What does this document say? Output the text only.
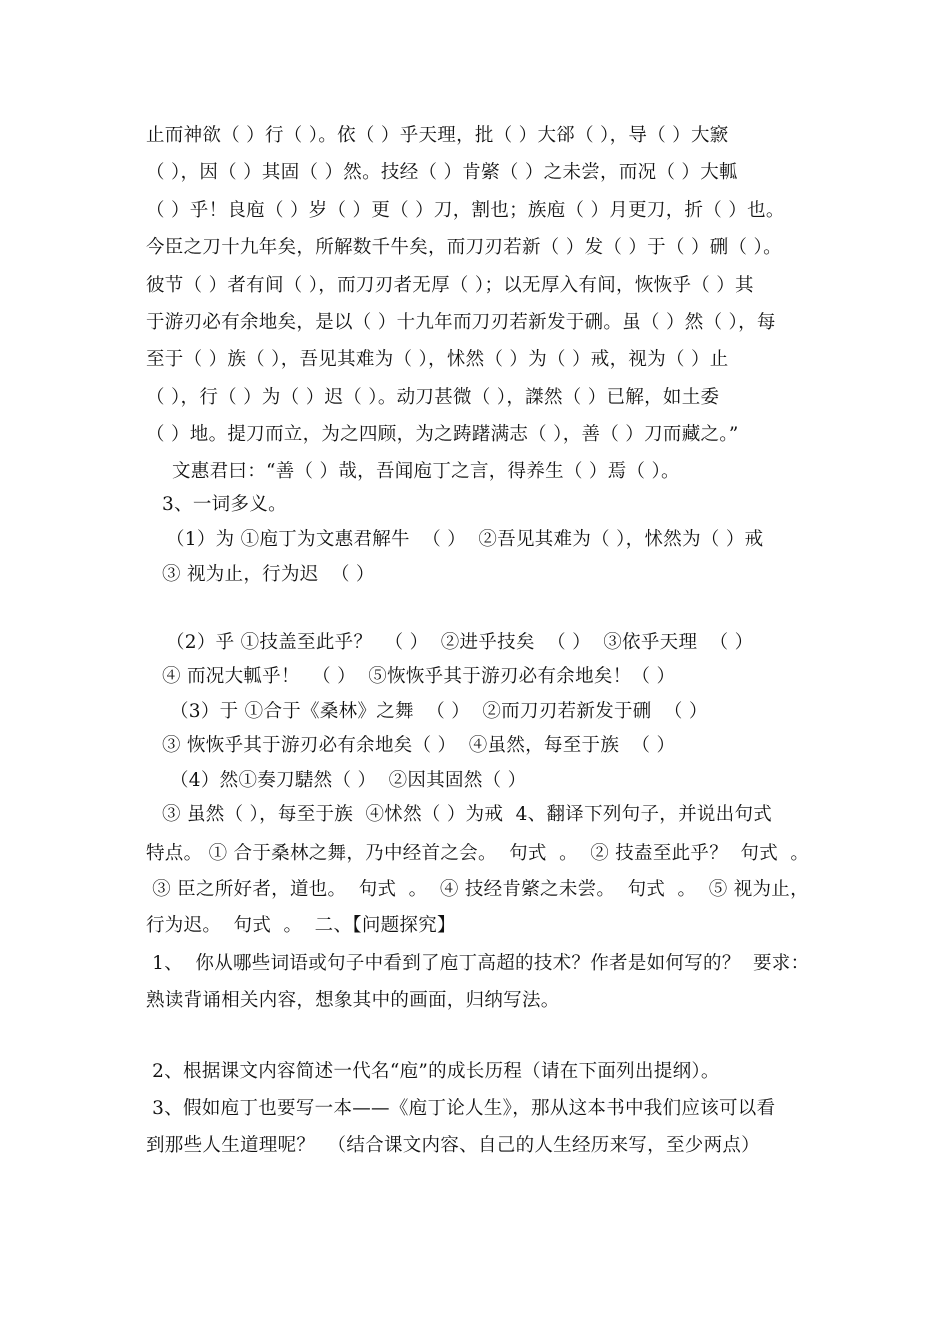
止而神欲（ ）行（ ）。依（ ）乎天理，批（ ）大郤（ ），导（ ）大窾
（ ），因（ ）其固（ ）然。技经（ ）肯綮（ ）之未尝，而况（ ）大軱
（ ）乎！良庖（ ）岁（ ）更（ ）刀，割也；族庖（ ）月更刀，折（ ）也。
今臣之刀十九年矣，所解数千牛矣，而刀刃若新（ ）发（ ）于（ ）硎（ ）。
彼节（ ）者有间（ ），而刀刃者无厚（ ）；以无厚入有间，恢恢乎（ ）其
于游刃必有余地矣，是以（ ）十九年而刀刃若新发于硎。虽（ ）然（ ），每
至于（ ）族（ ），吾见其难为（ ），怵然（ ）为（ ）戒，视为（ ）止
（ ），行（ ）为（ ）迟（ ）。动刀甚微（ ），謋然（ ）已解，如土委
（ ）地。提刀而立，为之四顾，为之踌躇满志（ ），善（ ）刀而藏之。”
文惠君曰：“善（ ）哉，吾闻庖丁之言，得养生（ ）焉（ ）。
3、一词多义。
（1）为 ①庖丁为文惠君解牛  （ ）  ②吾见其难为（ ），怵然为（ ）戒
③ 视为止，行为迟  （ ）
（2）乎 ①技盖至此乎？  （ ）  ②进乎技矣  （ ）  ③依乎天理  （ ）
④ 而况大軱乎！  （ ）  ⑤恢恢乎其于游刃必有余地矣！（ ）
（3）于 ①合于《桑林》之舞  （ ）  ②而刀刃若新发于硎  （ ）
③ 恢恢乎其于游刃必有余地矣（ ）  ④虽然，每至于族  （ ）
（4）然①奏刀騞然（ ）  ②因其固然（ ）
③ 虽然（ ），每至于族  ④怵然（ ）为戒  4、翻译下列句子，并说出句式
特点。 ① 合于桑林之舞，乃中经首之会。  句式  。  ② 技盍至此乎？  句式  。
③ 臣之所好者，道也。  句式  。  ④ 技经肯綮之未尝。  句式  。  ⑤ 视为止，
行为迟。  句式  。  二、【问题探究】
1、  你从哪些词语或句子中看到了庖丁高超的技术？作者是如何写的？  要求：
熟读背诵相关内容，想象其中的画面，归纳写法。
2、根据课文内容简述一代名“庖”的成长历程（请在下面列出提纲）。
3、假如庖丁也要写一本——《庖丁论人生》，那从这本书中我们应该可以看
到那些人生道理呢？  （结合课文内容、自己的人生经历来写，至少两点）
